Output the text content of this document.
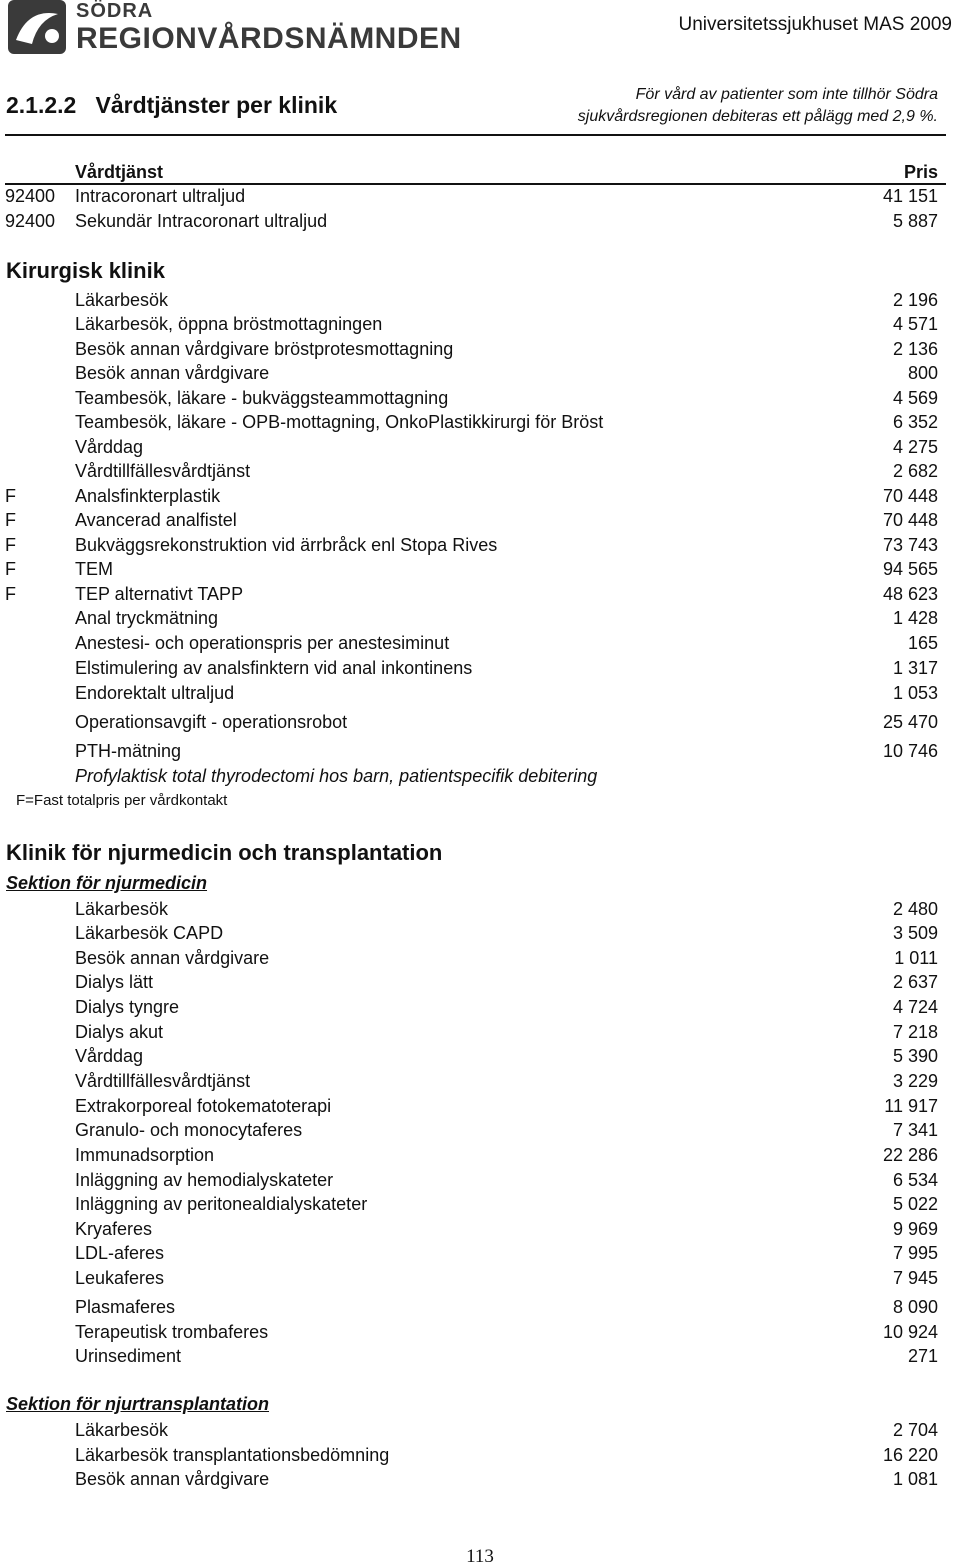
SÖDRA
REGIONVÅRDSNÄMNDEN	Universitetssjukhuset MAS 2009
2.1.2.2 Vårdtjänster per klinik	För vård av patienter som inte tillhör Södra
sjukvårdsregionen debiteras ett pålägg med 2,9 %.
Vårdtjänst	Pris
92400 Intracoronart ultraljud	41 151
92400 Sekundär Intracoronart ultraljud	5 887
Kirurgisk klinik
Läkarbesök	2 196
Läkarbesök, öppna bröstmottagningen	4 571
Besök annan vårdgivare bröstprotesmottagning	2 136
Besök annan vårdgivare	800
Teambesök, läkare - bukväggsteammottagning	4 569
Teambesök, läkare - OPB-mottagning, OnkoPlastikkirurgi för Bröst	6 352
Vårddag	4 275
Vårdtillfällesvårdtjänst	2 682
F	Analsfinkterplastik	70 448
F	Avancerad analfistel	70 448
F	Bukväggsrekonstruktion vid ärrbråck enl Stopa Rives	73 743
F	TEM	94 565
F	TEP alternativt TAPP	48 623
Anal tryckmätning	1 428
Anestesi- och operationspris per anestesiminut	165
Elstimulering av analsfinktern vid anal inkontinens	1 317
Endorektalt ultraljud	1 053
Operationsavgift - operationsrobot	25 470
PTH-mätning	10 746
Profylaktisk total thyrodectomi hos barn, patientspecifik debitering
F=Fast totalpris per vårdkontakt
Klinik för njurmedicin och transplantation
Sektion för njurmedicin
Läkarbesök	2 480
Läkarbesök CAPD	3 509
Besök annan vårdgivare	1 011
Dialys lätt	2 637
Dialys tyngre	4 724
Dialys akut	7 218
Vårddag	5 390
Vårdtillfällesvårdtjänst	3 229
Extrakorporeal fotokematoterapi	11 917
Granulo- och monocytaferes	7 341
Immunadsorption	22 286
Inläggning av hemodialyskateter	6 534
Inläggning av peritonealdialyskateter	5 022
Kryaferes	9 969
LDL-aferes	7 995
Leukaferes	7 945
Plasmaferes	8 090
Terapeutisk trombaferes	10 924
Urinsediment	271
Sektion för njurtransplantation
Läkarbesök	2 704
Läkarbesök transplantationsbedömning	16 220
Besök annan vårdgivare	1 081
113
